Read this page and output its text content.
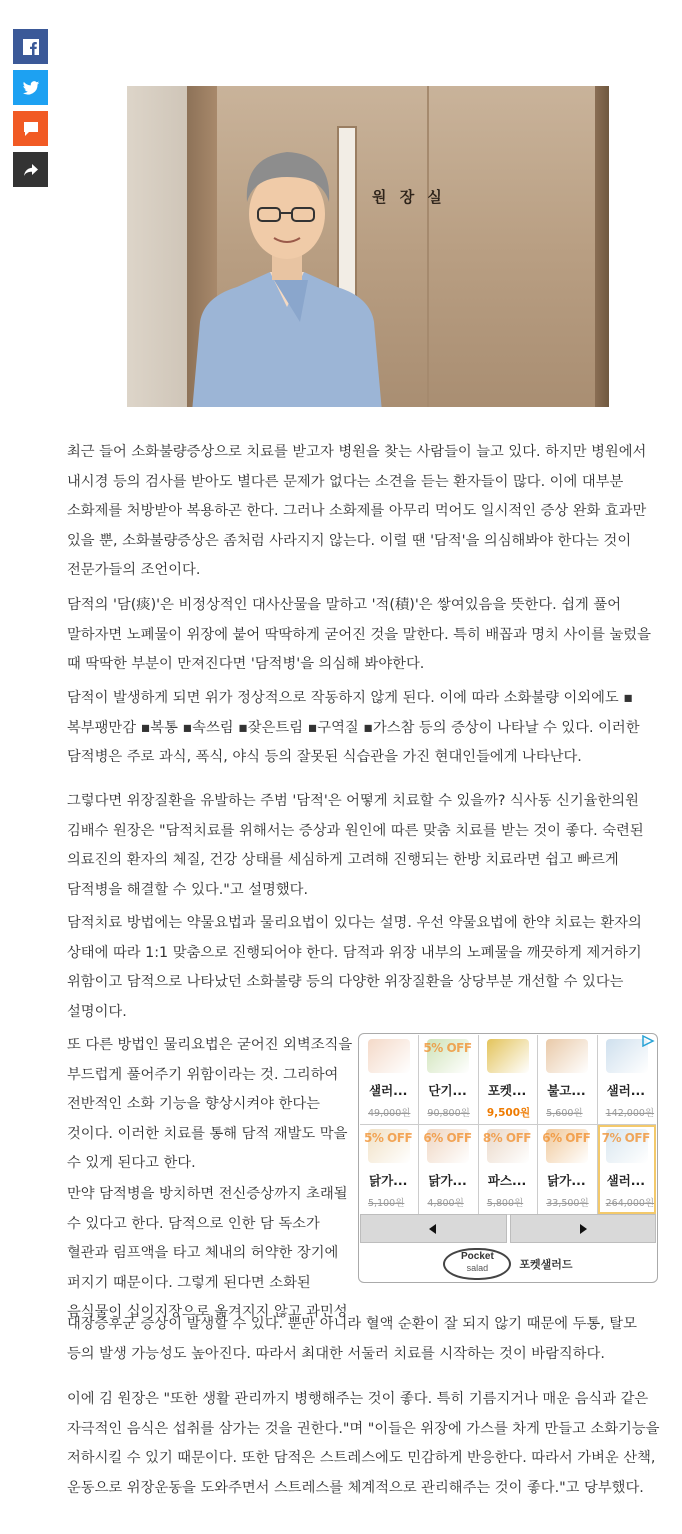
원 장 실

최근 들어 소화불량증상으로 치료를 받고자 병원을 찾는 사람들이 늘고 있다. 하지만 병원에서 내시경 등의 검사를 받아도 별다른 문제가 없다는 소견을 듣는 환자들이 많다. 이에 대부분 소화제를 처방받아 복용하곤 한다. 그러나 소화제를 아무리 먹어도 일시적인 증상 완화 효과만 있을 뿐, 소화불량증상은 좀처럼 사라지지 않는다. 이럴 땐 '담적'을 의심해봐야 한다는 것이 전문가들의 조언이다.

담적의 '담(痰)'은 비정상적인 대사산물을 말하고 '적(積)'은 쌓여있음을 뜻한다. 쉽게 풀어 말하자면 노폐물이 위장에 붙어 딱딱하게 굳어진 것을 말한다. 특히 배꼽과 명치 사이를 눌렀을 때 딱딱한 부분이 만져진다면 '담적병'을 의심해 봐야한다.

담적이 발생하게 되면 위가 정상적으로 작동하지 않게 된다. 이에 따라 소화불량 이외에도 ▪복부팽만감 ▪복통 ▪속쓰림 ▪잦은트림 ▪구역질 ▪가스참 등의 증상이 나타날 수 있다. 이러한 담적병은 주로 과식, 폭식, 야식 등의 잘못된 식습관을 가진 현대인들에게 나타난다.

그렇다면 위장질환을 유발하는 주범 '담적'은 어떻게 치료할 수 있을까? 식사동 신기율한의원 김배수 원장은 "담적치료를 위해서는 증상과 원인에 따른 맞춤 치료를 받는 것이 좋다. 숙련된 의료진의 환자의 체질, 건강 상태를 세심하게 고려해 진행되는 한방 치료라면 쉽고 빠르게 담적병을 해결할 수 있다."고 설명했다.

담적치료 방법에는 약물요법과 물리요법이 있다는 설명. 우선 약물요법에 한약 치료는 환자의 상태에 따라 1:1 맞춤으로 진행되어야 한다. 담적과 위장 내부의 노폐물을 깨끗하게 제거하기 위함이고 담적으로 나타났던 소화불량 등의 다양한 위장질환을 상당부분 개선할 수 있다는 설명이다.

또 다른 방법인 물리요법은 굳어진 외벽조직을 부드럽게 풀어주기 위함이라는 것. 그리하여 전반적인 소화 기능을 향상시켜야 한다는 것이다. 이러한 치료를 통해 담적 재발도 막을 수 있게 된다고 한다.

만약 담적병을 방치하면 전신증상까지 초래될 수 있다고 한다. 담적으로 인한 담 독소가 혈관과 림프액을 타고 체내의 허약한 장기에 퍼지기 때문이다. 그렇게 된다면 소화된 음식물이 십이지장으로 옮겨지지 않고 과민성

대장증후군 증상이 발생할 수 있다. 뿐만 아니라 혈액 순환이 잘 되지 않기 때문에 두통, 탈모 등의 발생 가능성도 높아진다. 따라서 최대한 서둘러 치료를 시작하는 것이 바람직하다.

이에 김 원장은 "또한 생활 관리까지 병행해주는 것이 좋다. 특히 기름지거나 매운 음식과 같은 자극적인 음식은 섭취를 삼가는 것을 권한다."며 "이들은 위장에 가스를 차게 만들고 소화기능을 저하시킬 수 있기 때문이다. 또한 담적은 스트레스에도 민감하게 반응한다. 따라서 가벼운 산책, 운동으로 위장운동을 도와주면서 스트레스를 체계적으로 관리해주는 것이 좋다."고 당부했다.

샐러...
49,000원
5% OFF
단기...
90,800원
포켓...
9,500원
불고...
5,600원
샐러...
142,000원
5% OFF
닭가...
5,100원
6% OFF
닭가...
4,800원
8% OFF
파스...
5,800원
6% OFF
닭가...
33,500원
7% OFF
샐러...
264,000원
Pocket
salad	포켓샐러드
